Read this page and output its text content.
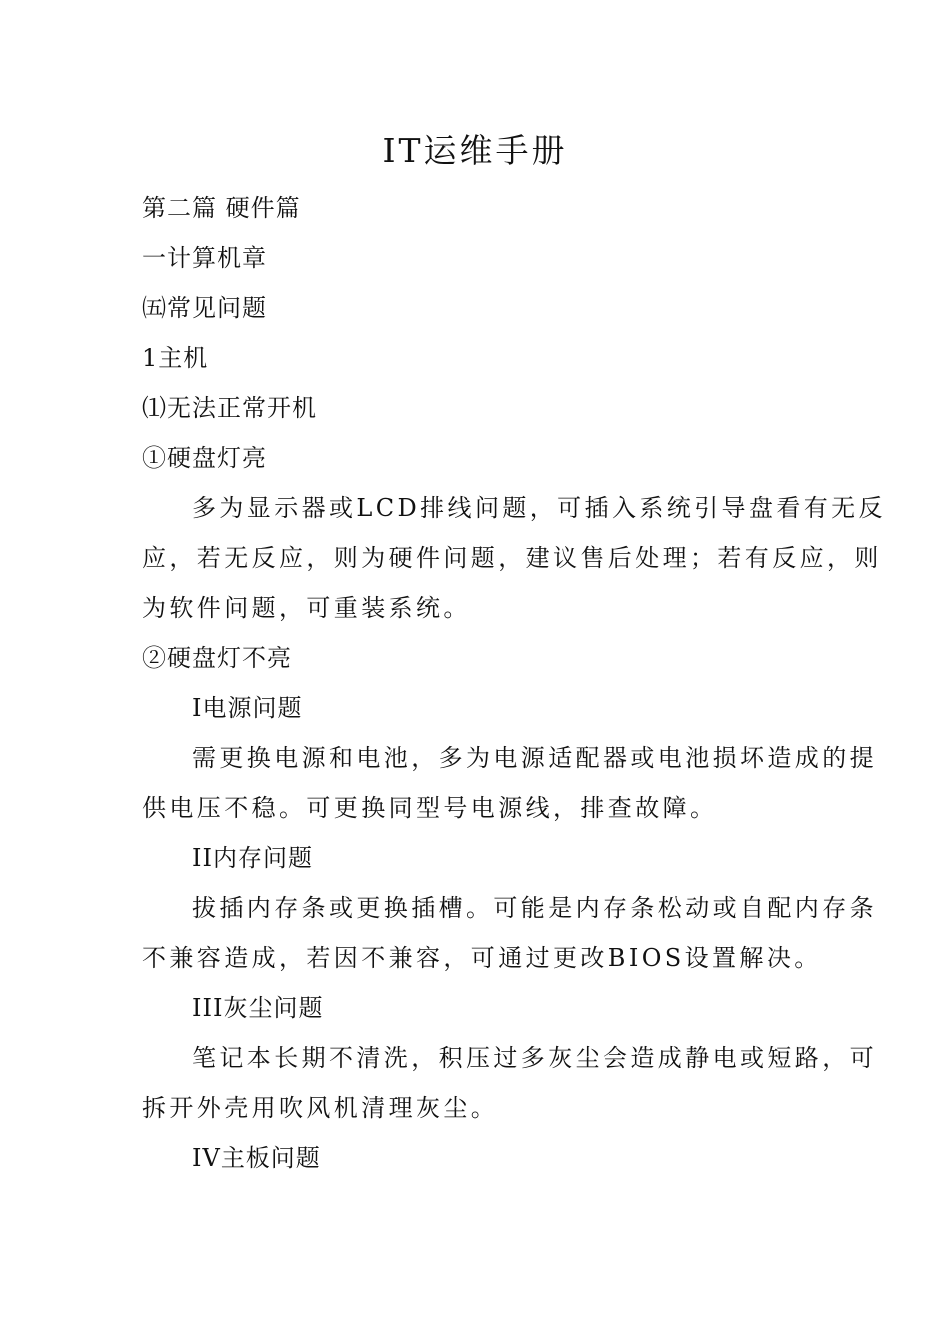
IT运维手册
第二篇 硬件篇
一计算机章
㈤常见问题
1主机
⑴无法正常开机
①硬盘灯亮
多为显示器或LCD排线问题，可插入系统引导盘看有无反
应，若无反应，则为硬件问题，建议售后处理；若有反应，则
为软件问题，可重装系统。
②硬盘灯不亮
I电源问题
需更换电源和电池，多为电源适配器或电池损坏造成的提
供电压不稳。可更换同型号电源线，排查故障。
II内存问题
拔插内存条或更换插槽。可能是内存条松动或自配内存条
不兼容造成，若因不兼容，可通过更改BIOS设置解决。
III灰尘问题
笔记本长期不清洗，积压过多灰尘会造成静电或短路，可
拆开外壳用吹风机清理灰尘。
IV主板问题
